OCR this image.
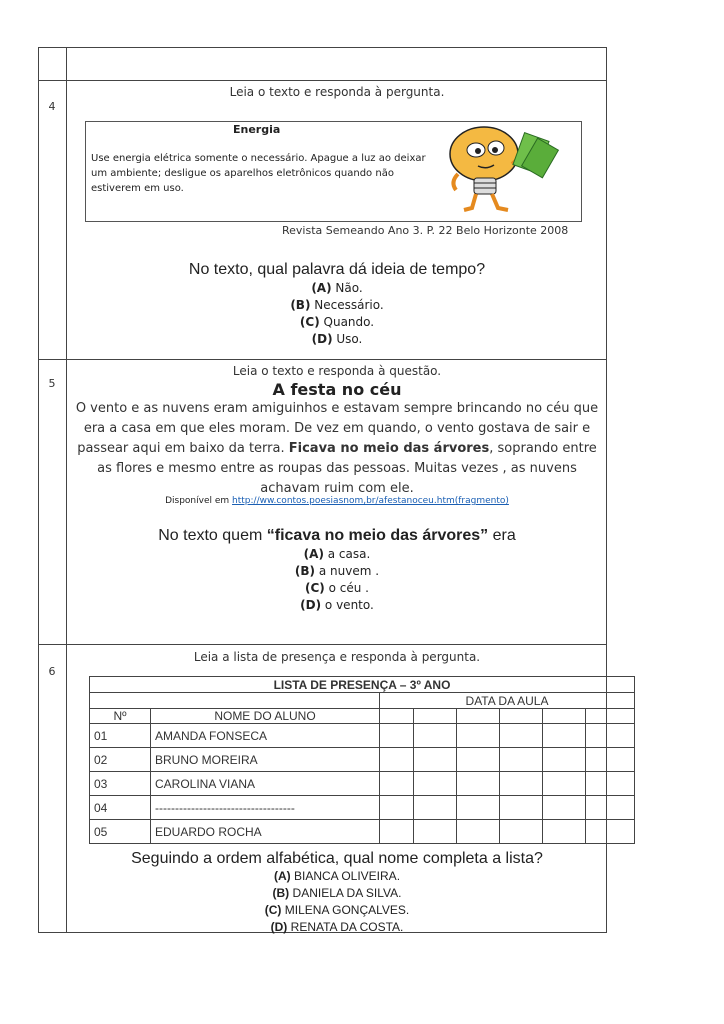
4
Leia o texto e responda à pergunta.
Energia
Use energia elétrica somente o necessário. Apague a luz ao deixar um ambiente; desligue os aparelhos eletrônicos quando não estiverem em uso.
Revista Semeando Ano 3. P. 22 Belo Horizonte 2008
No texto, qual palavra dá ideia de tempo?
(A) Não.
(B) Necessário.
(C) Quando.
(D) Uso.
5
Leia o texto e responda à questão.
A festa no céu
O vento e as nuvens eram amiguinhos e estavam sempre brincando no céu que era a casa em que eles moram. De vez em quando, o vento gostava de sair e passear aqui em baixo da terra. Ficava no meio das árvores, soprando entre as flores e mesmo entre as roupas das pessoas. Muitas vezes , as nuvens achavam ruim com ele.
Disponível em http://ww.contos.poesiasnom,br/afestanoceu.htm(fragmento)
No texto quem “ficava no meio das árvores” era
(A) a casa.
(B) a nuvem .
(C) o céu .
(D) o vento.
6
Leia a lista de presença e responda à pergunta.
LISTA DE PRESENÇA – 3º ANO							
		DATA DA AULA					
Nº	NOME DO ALUNO						
01	AMANDA FONSECA						
02	BRUNO MOREIRA						
03	CAROLINA VIANA						
04	-----------------------------------						
05	EDUARDO ROCHA						
Seguindo a ordem alfabética, qual nome completa a lista?
(A) BIANCA OLIVEIRA.
(B) DANIELA DA SILVA.
(C) MILENA GONÇALVES.
(D) RENATA DA COSTA.
